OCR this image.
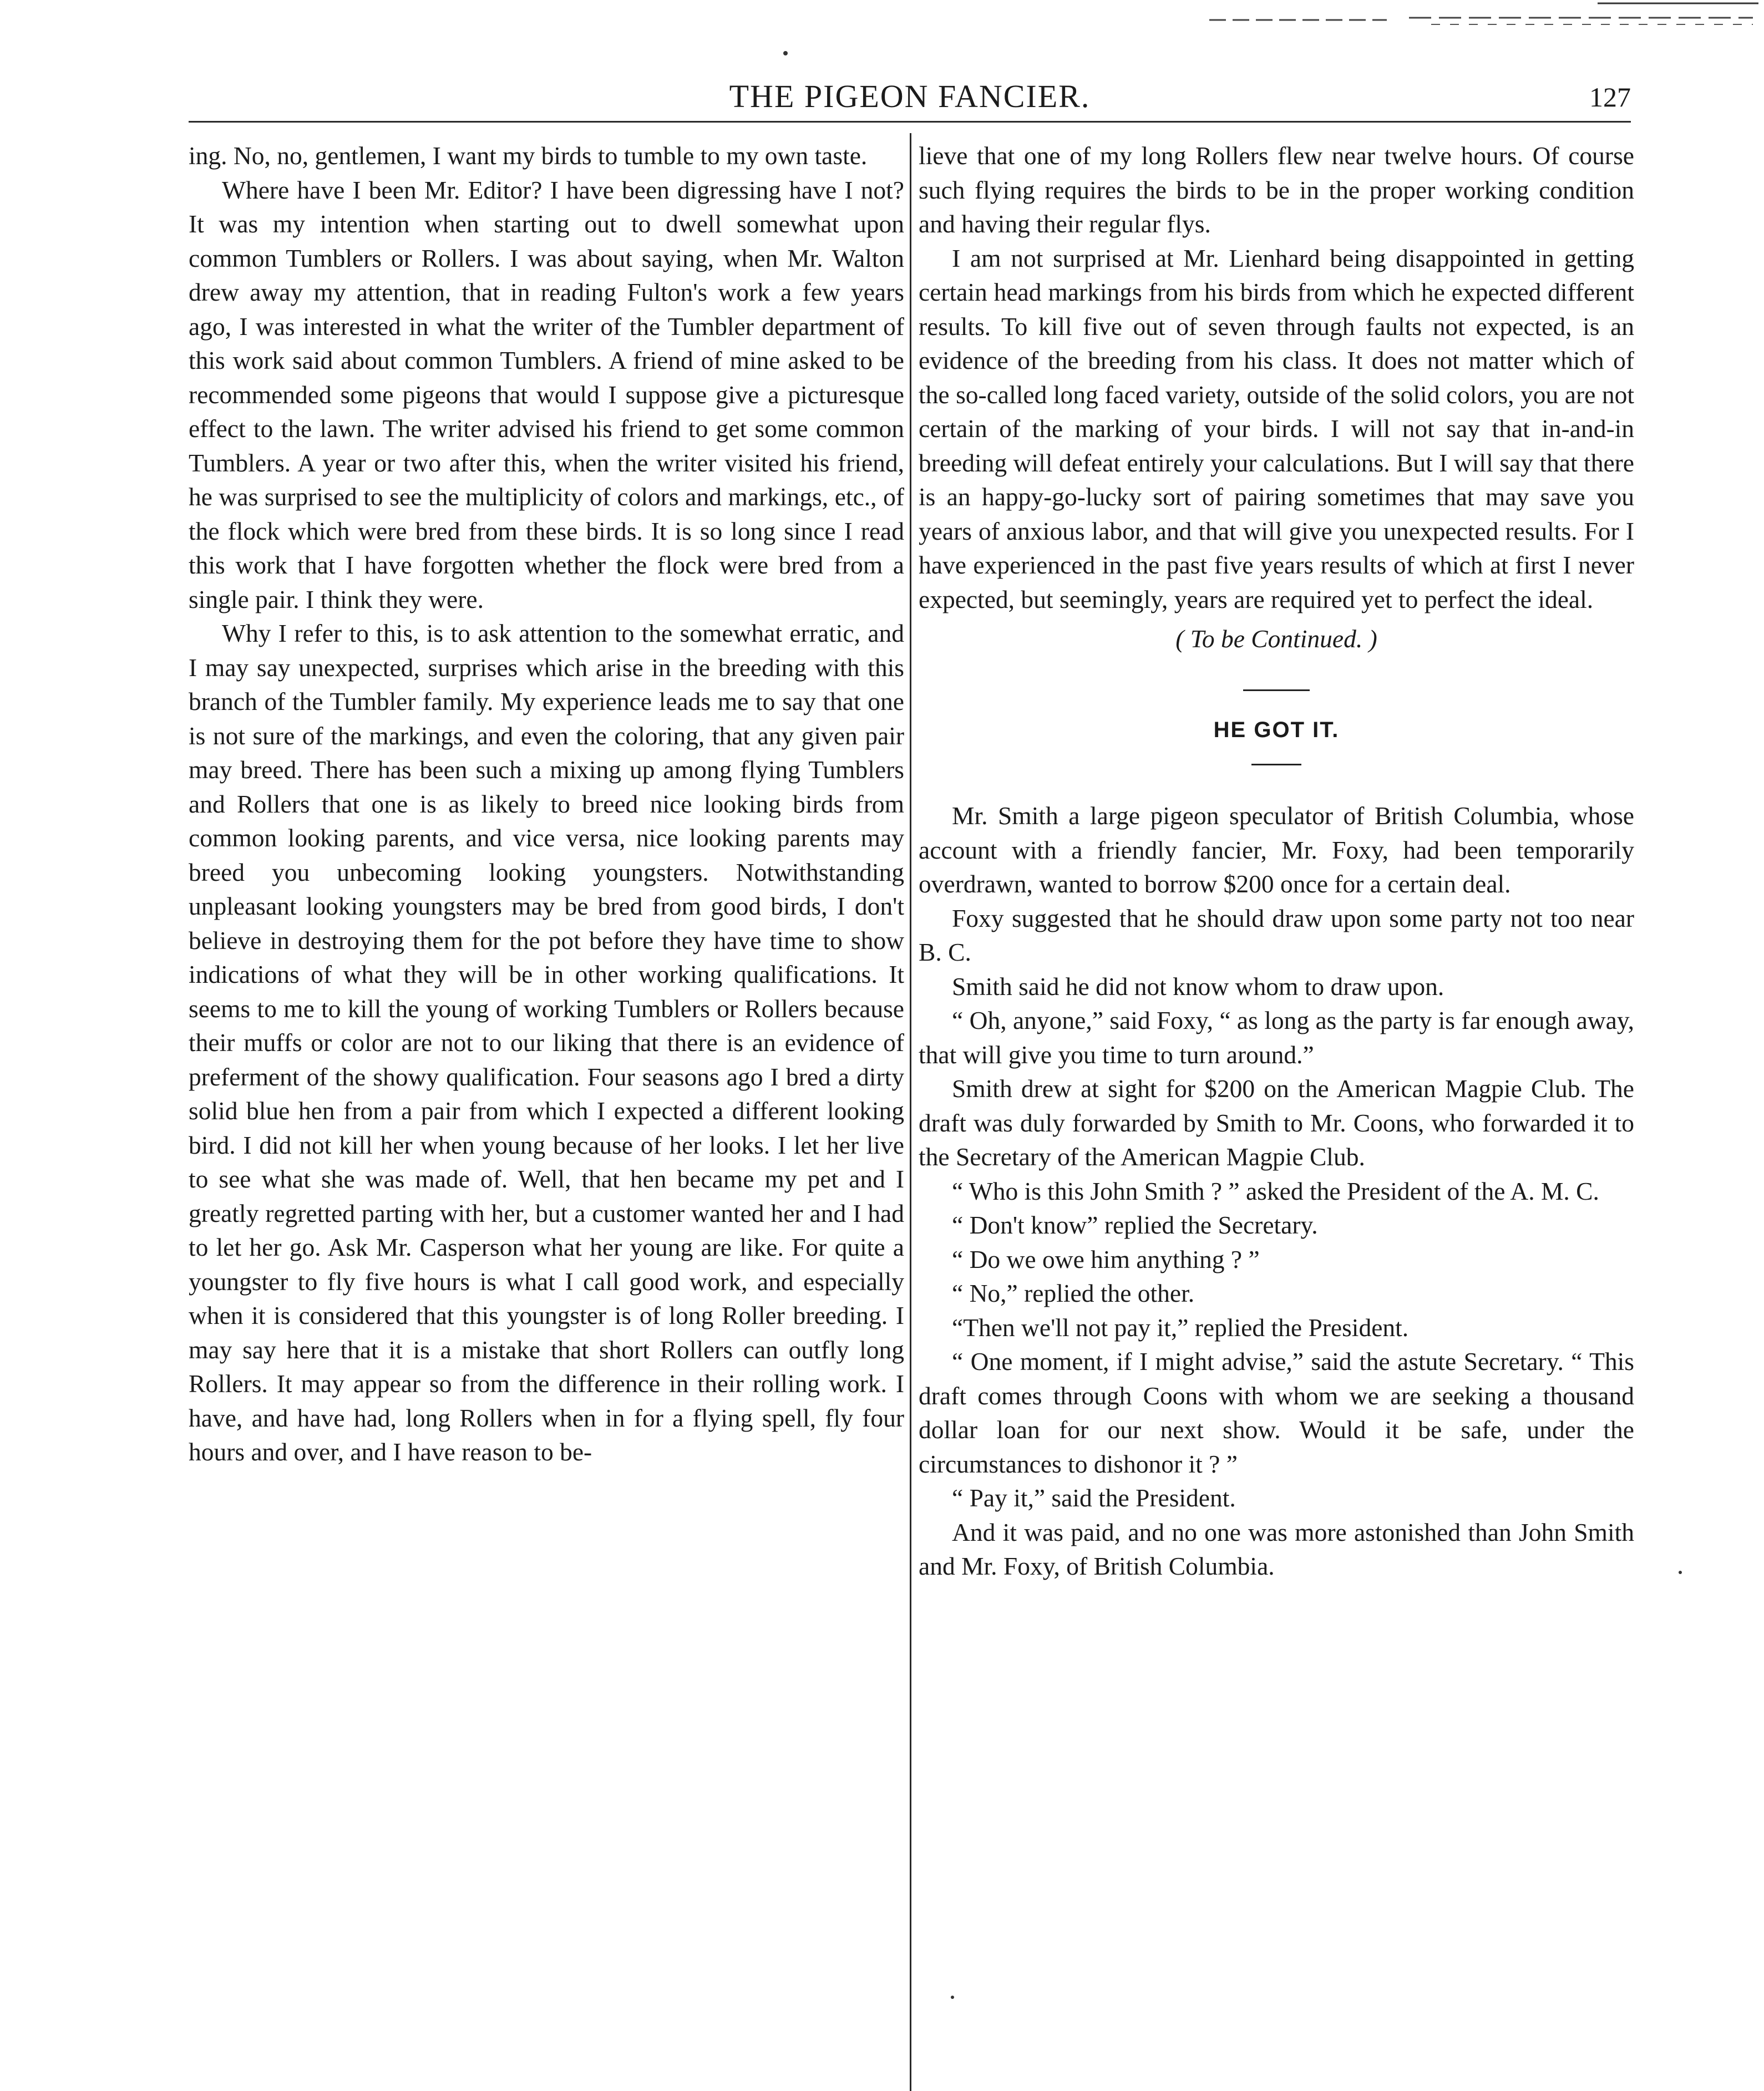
THE PIGEON FANCIER.	127

ing. No, no, gentlemen, I want my birds to tumble to my own taste.

Where have I been Mr. Editor? I have been digressing have I not? It was my intention when starting out to dwell somewhat upon common Tumblers or Rollers. I was about saying, when Mr. Walton drew away my attention, that in reading Fulton's work a few years ago, I was interested in what the writer of the Tumbler department of this work said about common Tumblers. A friend of mine asked to be recommended some pigeons that would I suppose give a picturesque effect to the lawn. The writer advised his friend to get some common Tumblers. A year or two after this, when the writer visited his friend, he was surprised to see the multiplicity of colors and markings, etc., of the flock which were bred from these birds. It is so long since I read this work that I have forgotten whether the flock were bred from a single pair. I think they were.

Why I refer to this, is to ask attention to the somewhat erratic, and I may say unexpected, surprises which arise in the breeding with this branch of the Tumbler family. My experience leads me to say that one is not sure of the markings, and even the coloring, that any given pair may breed. There has been such a mixing up among flying Tumblers and Rollers that one is as likely to breed nice looking birds from common looking parents, and vice versa, nice looking parents may breed you unbecoming looking youngsters. Notwithstanding unpleasant looking youngsters may be bred from good birds, I don't believe in destroying them for the pot before they have time to show indications of what they will be in other working qualifications. It seems to me to kill the young of working Tumblers or Rollers because their muffs or color are not to our liking that there is an evidence of preferment of the showy qualification. Four seasons ago I bred a dirty solid blue hen from a pair from which I expected a different looking bird. I did not kill her when young because of her looks. I let her live to see what she was made of. Well, that hen became my pet and I greatly regretted parting with her, but a customer wanted her and I had to let her go. Ask Mr. Casperson what her young are like. For quite a youngster to fly five hours is what I call good work, and especially when it is considered that this youngster is of long Roller breeding. I may say here that it is a mistake that short Rollers can outfly long Rollers. It may appear so from the difference in their rolling work. I have, and have had, long Rollers when in for a flying spell, fly four hours and over, and I have reason to be-

lieve that one of my long Rollers flew near twelve hours. Of course such flying requires the birds to be in the proper working condition and having their regular flys.

I am not surprised at Mr. Lienhard being disappointed in getting certain head markings from his birds from which he expected different results. To kill five out of seven through faults not expected, is an evidence of the breeding from his class. It does not matter which of the so-called long faced variety, outside of the solid colors, you are not certain of the marking of your birds. I will not say that in-and-in breeding will defeat entirely your calculations. But I will say that there is an happy-go-lucky sort of pairing sometimes that may save you years of anxious labor, and that will give you unexpected results. For I have experienced in the past five years results of which at first I never expected, but seemingly, years are required yet to perfect the ideal.

( To be Continued. )

HE GOT IT.

Mr. Smith a large pigeon speculator of British Columbia, whose account with a friendly fancier, Mr. Foxy, had been temporarily overdrawn, wanted to borrow $200 once for a certain deal.

Foxy suggested that he should draw upon some party not too near B. C.

Smith said he did not know whom to draw upon.

“ Oh, anyone,” said Foxy, “ as long as the party is far enough away, that will give you time to turn around.”

Smith drew at sight for $200 on the American Magpie Club. The draft was duly forwarded by Smith to Mr. Coons, who forwarded it to the Secretary of the American Magpie Club.

“ Who is this John Smith ? ” asked the President of the A. M. C.

“ Don't know” replied the Secretary.

“ Do we owe him anything ? ”

“ No,” replied the other.

“Then we'll not pay it,” replied the President.

“ One moment, if I might advise,” said the astute Secretary. “ This draft comes through Coons with whom we are seeking a thousand dollar loan for our next show. Would it be safe, under the circumstances to dishonor it ? ”

“ Pay it,” said the President.

And it was paid, and no one was more astonished than John Smith and Mr. Foxy, of British Columbia.
